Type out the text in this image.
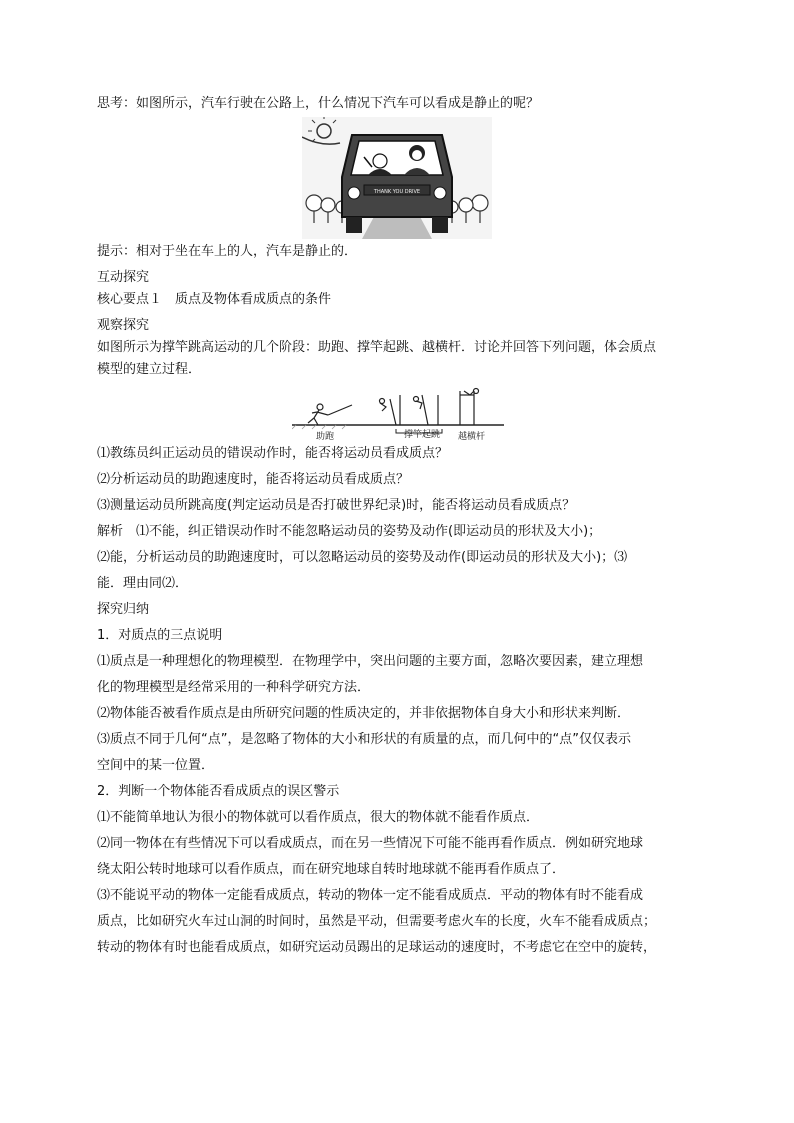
思考：如图所示，汽车行驶在公路上，什么情况下汽车可以看成是静止的呢？
THANK YOU DRIVE
提示：相对于坐在车上的人，汽车是静止的．
互动探究
核心要点１　质点及物体看成质点的条件
观察探究
如图所示为撑竿跳高运动的几个阶段：助跑、撑竿起跳、越横杆．讨论并回答下列问题，体会质点
模型的建立过程．
助跑	撑竿起跳 越横杆
⑴教练员纠正运动员的错误动作时，能否将运动员看成质点？
⑵分析运动员的助跑速度时，能否将运动员看成质点？
⑶测量运动员所跳高度(判定运动员是否打破世界纪录)时，能否将运动员看成质点？
解析　⑴不能，纠正错误动作时不能忽略运动员的姿势及动作(即运动员的形状及大小)；
⑵能，分析运动员的助跑速度时，可以忽略运动员的姿势及动作(即运动员的形状及大小)；⑶
能．理由同⑵．
探究归纳
1．对质点的三点说明
⑴质点是一种理想化的物理模型．在物理学中，突出问题的主要方面，忽略次要因素，建立理想
化的物理模型是经常采用的一种科学研究方法．
⑵物体能否被看作质点是由所研究问题的性质决定的，并非依据物体自身大小和形状来判断．
⑶质点不同于几何“点”，是忽略了物体的大小和形状的有质量的点，而几何中的“点”仅仅表示
空间中的某一位置．
2．判断一个物体能否看成质点的误区警示
⑴不能简单地认为很小的物体就可以看作质点，很大的物体就不能看作质点．
⑵同一物体在有些情况下可以看成质点，而在另一些情况下可能不能再看作质点．例如研究地球
绕太阳公转时地球可以看作质点，而在研究地球自转时地球就不能再看作质点了．
⑶不能说平动的物体一定能看成质点，转动的物体一定不能看成质点．平动的物体有时不能看成
质点，比如研究火车过山洞的时间时，虽然是平动，但需要考虑火车的长度，火车不能看成质点；
转动的物体有时也能看成质点，如研究运动员踢出的足球运动的速度时，不考虑它在空中的旋转，
